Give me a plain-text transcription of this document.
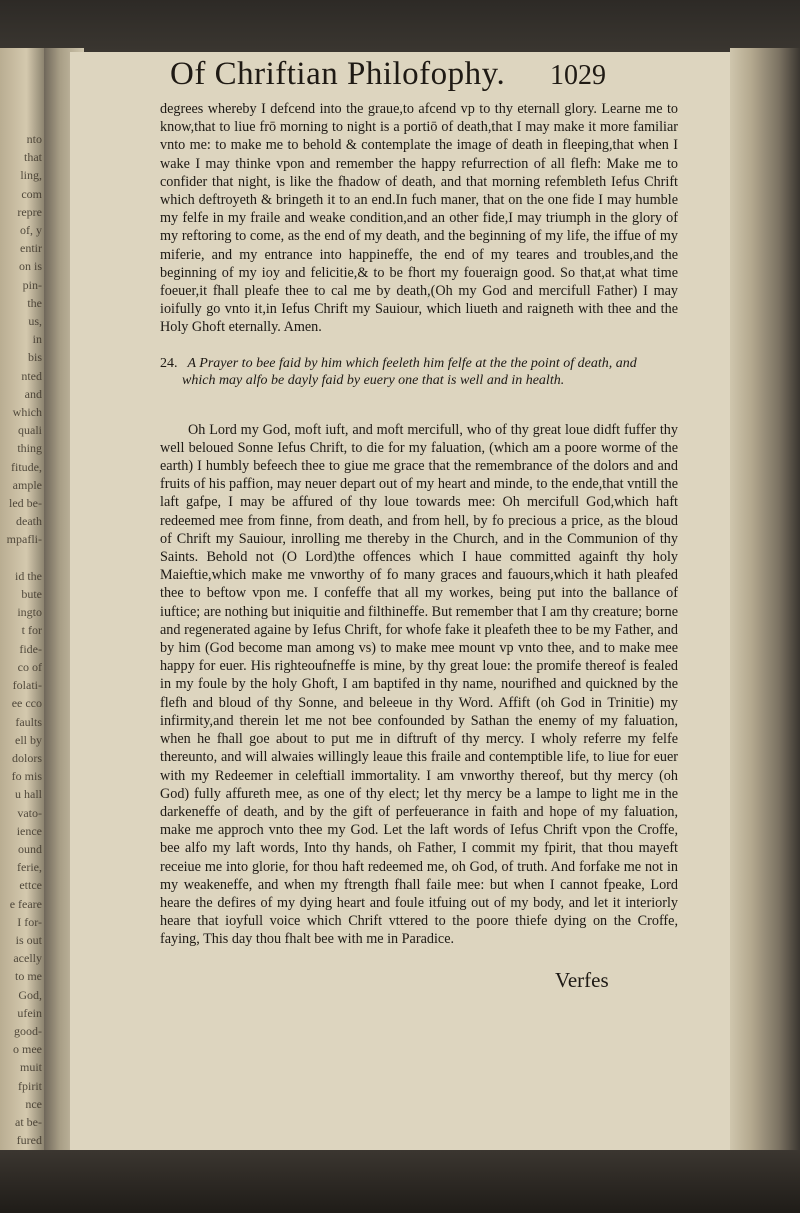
nto
that
ling,
com
repre
of, y
entir
on is
pin-
the
us,
in
bis
nted
and
which
quali
thing
fitude,
ample
led be-
death
mpafli-

id the
bute
ingto
t for
fide-
co of
folati-
ee cco
faults
ell by
dolors
fo mis
u hall
vato-
ience
ound
ferie,
ettce
e feare
I for-
is out
acelly
to me
God,
ufein
good-
o mee
muit
fpirit
nce
at be-
fured

Of Chriftian Philofophy. 1029

degrees whereby I defcend into the graue,to afcend vp to thy eternall glory. Learne me to know,that to liue frō morning to night is a portiō of death,that I may make it more familiar vnto me: to make me to behold & contemplate the image of death in fleeping,that when I wake I may thinke vpon and remember the happy refurrection of all flefh: Make me to confider that night, is like the fhadow of death, and that morning refembleth Iefus Chrift which deftroyeth & bringeth it to an end.In fuch maner, that on the one fide I may humble my felfe in my fraile and weake condition,and an other fide,I may triumph in the glory of my reftoring to come, as the end of my death, and the beginning of my life, the iffue of my miferie, and my entrance into happineffe, the end of my teares and troubles,and the beginning of my ioy and felicitie,& to be fhort my foueraign good. So that,at what time foeuer,it fhall pleafe thee to cal me by death,(Oh my God and mercifull Father) I may ioifully go vnto it,in Iefus Chrift my Sauiour, which liueth and raigneth with thee and the Holy Ghoft eternally. Amen.

24. A Prayer to bee faid by him which feeleth him felfe at the the point of death, and which may alfo be dayly faid by euery one that is well and in health.

Oh Lord my God, moft iuft, and moft mercifull, who of thy great loue didft fuffer thy well beloued Sonne Iefus Chrift, to die for my faluation, (which am a poore worme of the earth) I humbly befeech thee to giue me grace that the remembrance of the dolors and and fruits of his paffion, may neuer depart out of my heart and minde, to the ende,that vntill the laft gafpe, I may be affured of thy loue towards mee: Oh mercifull God,which haft redeemed mee from finne, from death, and from hell, by fo precious a price, as the bloud of Chrift my Sauiour, inrolling me thereby in the Church, and in the Communion of thy Saints. Behold not (O Lord)the offences which I haue committed againft thy holy Maieftie,which make me vnworthy of fo many graces and fauours,which it hath pleafed thee to beftow vpon me. I confeffe that all my workes, being put into the ballance of iuftice; are nothing but iniquitie and filthineffe. But remember that I am thy creature; borne and regenerated againe by Iefus Chrift, for whofe fake it pleafeth thee to be my Father, and by him (God become man among vs) to make mee mount vp vnto thee, and to make mee happy for euer. His righteoufneffe is mine, by thy great loue: the promife thereof is fealed in my foule by the holy Ghoft, I am baptifed in thy name, nourifhed and quickned by the flefh and bloud of thy Sonne, and beleeue in thy Word. Affift (oh God in Trinitie) my infirmity,and therein let me not bee confounded by Sathan the enemy of my faluation, when he fhall goe about to put me in diftruft of thy mercy. I wholy referre my felfe thereunto, and will alwaies willingly leaue this fraile and contemptible life, to liue for euer with my Redeemer in celeftiall immortality. I am vnworthy thereof, but thy mercy (oh God) fully affureth mee, as one of thy elect; let thy mercy be a lampe to light me in the darkeneffe of death, and by the gift of perfeuerance in faith and hope of my faluation, make me approch vnto thee my God. Let the laft words of Iefus Chrift vpon the Croffe, bee alfo my laft words, Into thy hands, oh Father, I commit my fpirit, that thou mayeft receiue me into glorie, for thou haft redeemed me, oh God, of truth. And forfake me not in my weakeneffe, and when my ftrength fhall faile mee: but when I cannot fpeake, Lord heare the defires of my dying heart and foule itfuing out of my body, and let it interiorly heare that ioyfull voice which Chrift vttered to the poore thiefe dying on the Croffe, faying, This day thou fhalt bee with me in Paradice.

Verfes
